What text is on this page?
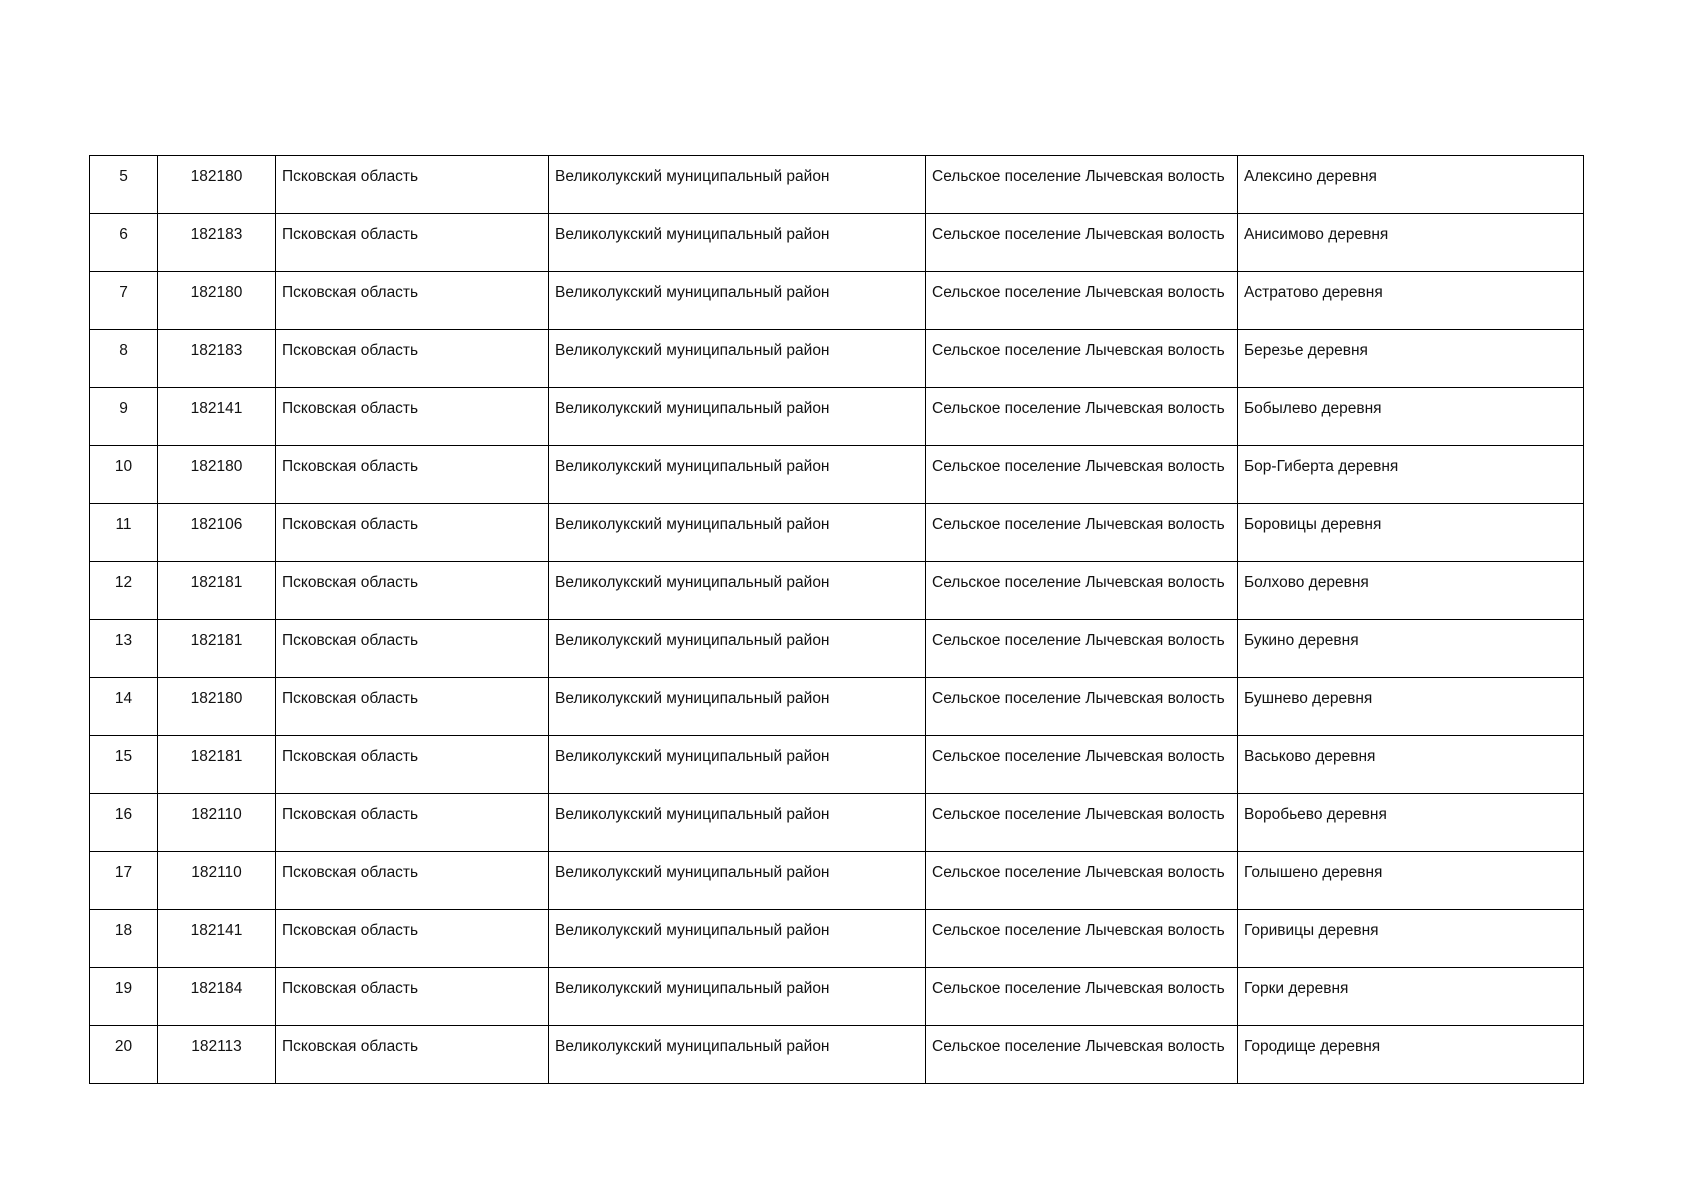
5	182180	Псковская область	Великолукский муниципальный район	Сельское поселение Лычевская волость	Алексино деревня
6	182183	Псковская область	Великолукский муниципальный район	Сельское поселение Лычевская волость	Анисимово деревня
7	182180	Псковская область	Великолукский муниципальный район	Сельское поселение Лычевская волость	Астратово деревня
8	182183	Псковская область	Великолукский муниципальный район	Сельское поселение Лычевская волость	Березье деревня
9	182141	Псковская область	Великолукский муниципальный район	Сельское поселение Лычевская волость	Бобылево деревня
10	182180	Псковская область	Великолукский муниципальный район	Сельское поселение Лычевская волость	Бор-Гиберта деревня
11	182106	Псковская область	Великолукский муниципальный район	Сельское поселение Лычевская волость	Боровицы деревня
12	182181	Псковская область	Великолукский муниципальный район	Сельское поселение Лычевская волость	Болхово деревня
13	182181	Псковская область	Великолукский муниципальный район	Сельское поселение Лычевская волость	Букино деревня
14	182180	Псковская область	Великолукский муниципальный район	Сельское поселение Лычевская волость	Бушнево деревня
15	182181	Псковская область	Великолукский муниципальный район	Сельское поселение Лычевская волость	Васьково деревня
16	182110	Псковская область	Великолукский муниципальный район	Сельское поселение Лычевская волость	Воробьево деревня
17	182110	Псковская область	Великолукский муниципальный район	Сельское поселение Лычевская волость	Голышено деревня
18	182141	Псковская область	Великолукский муниципальный район	Сельское поселение Лычевская волость	Горивицы деревня
19	182184	Псковская область	Великолукский муниципальный район	Сельское поселение Лычевская волость	Горки деревня
20	182113	Псковская область	Великолукский муниципальный район	Сельское поселение Лычевская волость	Городище деревня
